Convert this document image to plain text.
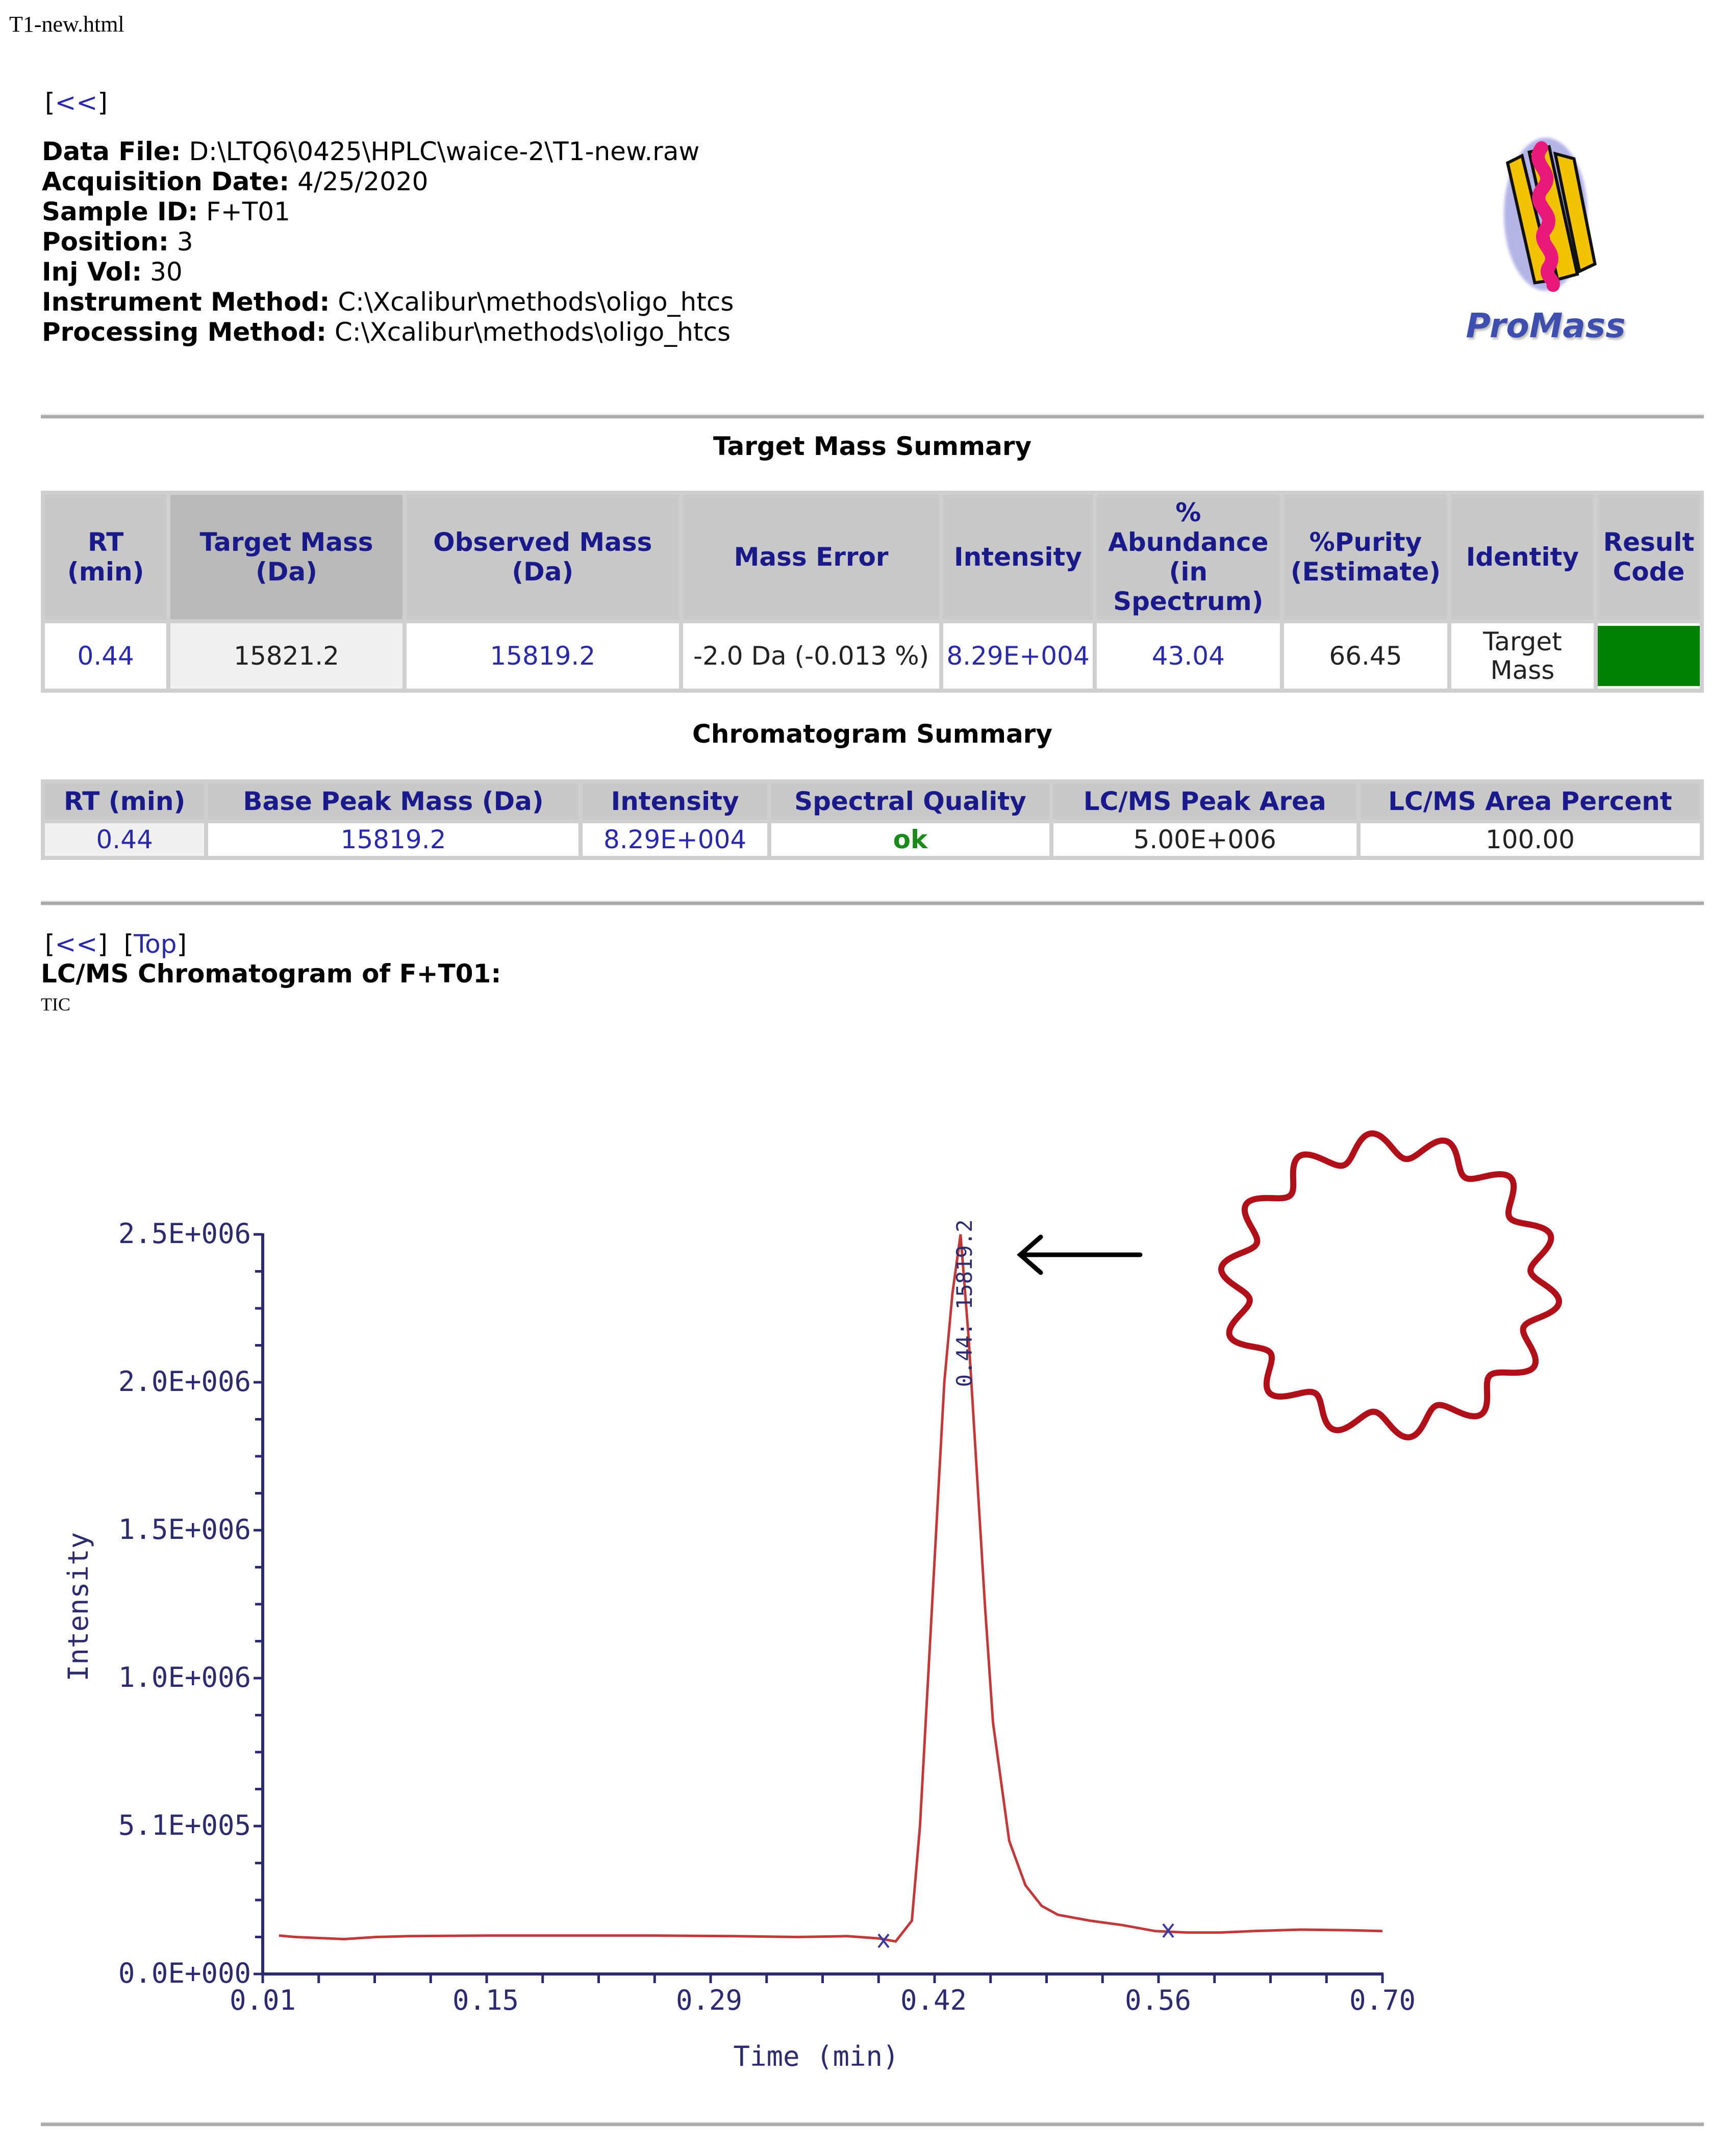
T1-new.html
[<<]
Data File: D:\LTQ6\0425\HPLC\waice-2\T1-new.raw
Acquisition Date: 4/25/2020
Sample ID: F+T01
Position: 3
Inj Vol: 30
Instrument Method: C:\Xcalibur\methods\oligo_htcs
Processing Method: C:\Xcalibur\methods\oligo_htcs	ProMass
Target Mass Summary
RT (min)	Target Mass (Da)	Observed Mass (Da)	Mass Error	Intensity	% Abundance (in Spectrum)	%Purity (Estimate)	Identity	Result Code
0.44	15821.2	15819.2	-2.0 Da (-0.013 %)	8.29E+004	43.04	66.45	Target Mass	
Chromatogram Summary
RT (min)	Base Peak Mass (Da)	Intensity	Spectral Quality	LC/MS Peak Area	LC/MS Area Percent
0.44	15819.2	8.29E+004	ok	5.00E+006	100.00
[<<] [Top]
LC/MS Chromatogram of F+T01:
TIC
2.5E+006
2.0E+006
1.5E+006
1.0E+006
5.1E+005
0.0E+000
0.01	0.15	0.29	0.42	0.56	0.70
Time (min)
Intensity
0.44: 15819.2
